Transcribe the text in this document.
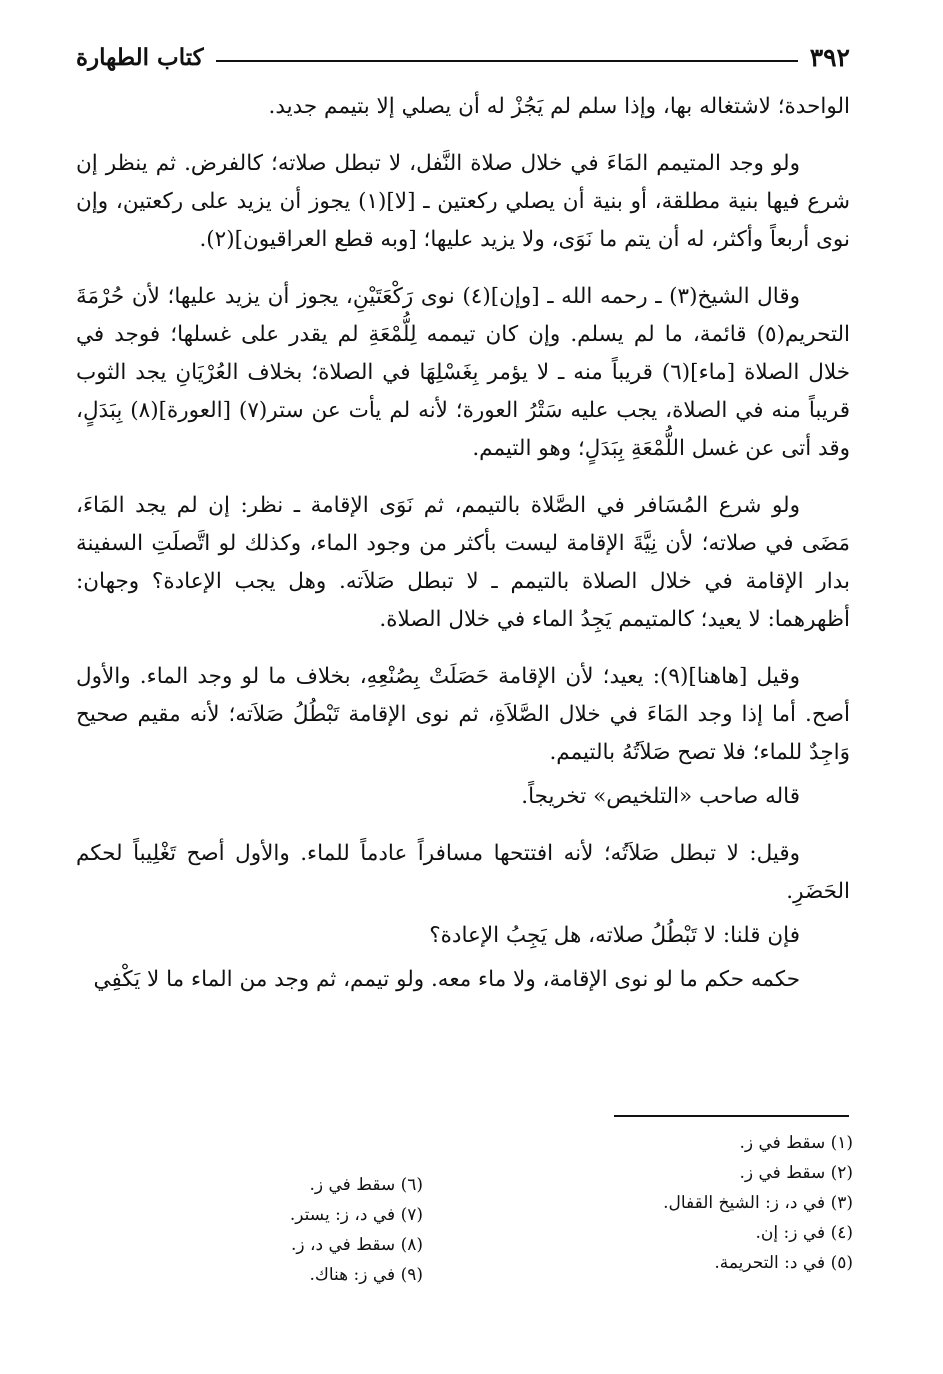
٣٩٢
كتاب الطهارة

الواحدة؛ لاشتغاله بها، وإذا سلم لم يَجُزْ له أن يصلي إلا بتيمم جديد.

ولو وجد المتيمم المَاءَ في خلال صلاة النَّفل، لا تبطل صلاته؛ كالفرض. ثم ينظر إن شرع فيها بنية مطلقة، أو بنية أن يصلي ركعتين ـ [لا](١) يجوز أن يزيد على ركعتين، وإن نوى أربعاً وأكثر، له أن يتم ما نَوَى، ولا يزيد عليها؛ [وبه قطع العراقيون](٢).

وقال الشيخ(٣) ـ رحمه الله ـ [وإن](٤) نوى رَكْعَتَيْنِ، يجوز أن يزيد عليها؛ لأن حُرْمَةَ التحريم(٥) قائمة، ما لم يسلم. وإن كان تيممه لِلُّمْعَةِ لم يقدر على غسلها؛ فوجد في خلال الصلاة [ماء](٦) قريباً منه ـ لا يؤمر بِغَسْلِهَا في الصلاة؛ بخلاف العُرْيَانِ يجد الثوب قريباً منه في الصلاة، يجب عليه سَتْرُ العورة؛ لأنه لم يأت عن ستر(٧) [العورة](٨) بِبَدَلٍ، وقد أتى عن غسل اللُّمْعَةِ بِبَدَلٍ؛ وهو التيمم.

ولو شرع المُسَافر في الصَّلاة بالتيمم، ثم نَوَى الإقامة ـ نظر: إن لم يجد المَاءَ، مَضَى في صلاته؛ لأن نِيَّةَ الإقامة ليست بأكثر من وجود الماء، وكذلك لو اتَّصلَتِ السفينة بدار الإقامة في خلال الصلاة بالتيمم ـ لا تبطل صَلاَته. وهل يجب الإعادة؟ وجهان: أظهرهما: لا يعيد؛ كالمتيمم يَجِدُ الماء في خلال الصلاة.

وقيل [هاهنا](٩): يعيد؛ لأن الإقامة حَصَلَتْ بِصُنْعِهِ، بخلاف ما لو وجد الماء. والأول أصح. أما إذا وجد المَاءَ في خلال الصَّلاَةِ، ثم نوى الإقامة تَبْطُلُ صَلاَته؛ لأنه مقيم صحيح وَاجِدٌ للماء؛ فلا تصح صَلاَتُهُ بالتيمم.

قاله صاحب «التلخيص» تخريجاً.

وقيل: لا تبطل صَلاَتُه؛ لأنه افتتحها مسافراً عادماً للماء. والأول أصح تَغْلِيباً لحكم الحَضَرِ.

فإن قلنا: لا تَبْطُلُ صلاته، هل يَجِبُ الإعادة؟

حكمه حكم ما لو نوى الإقامة، ولا ماء معه. ولو تيمم، ثم وجد من الماء ما لا يَكْفِي

(١) سقط في ز.
(٢) سقط في ز.
(٣) في د، ز: الشيخ القفال.
(٤) في ز: إن.
(٥) في د: التحريمة.
(٦) سقط في ز.
(٧) في د، ز: يستر.
(٨) سقط في د، ز.
(٩) في ز: هناك.
